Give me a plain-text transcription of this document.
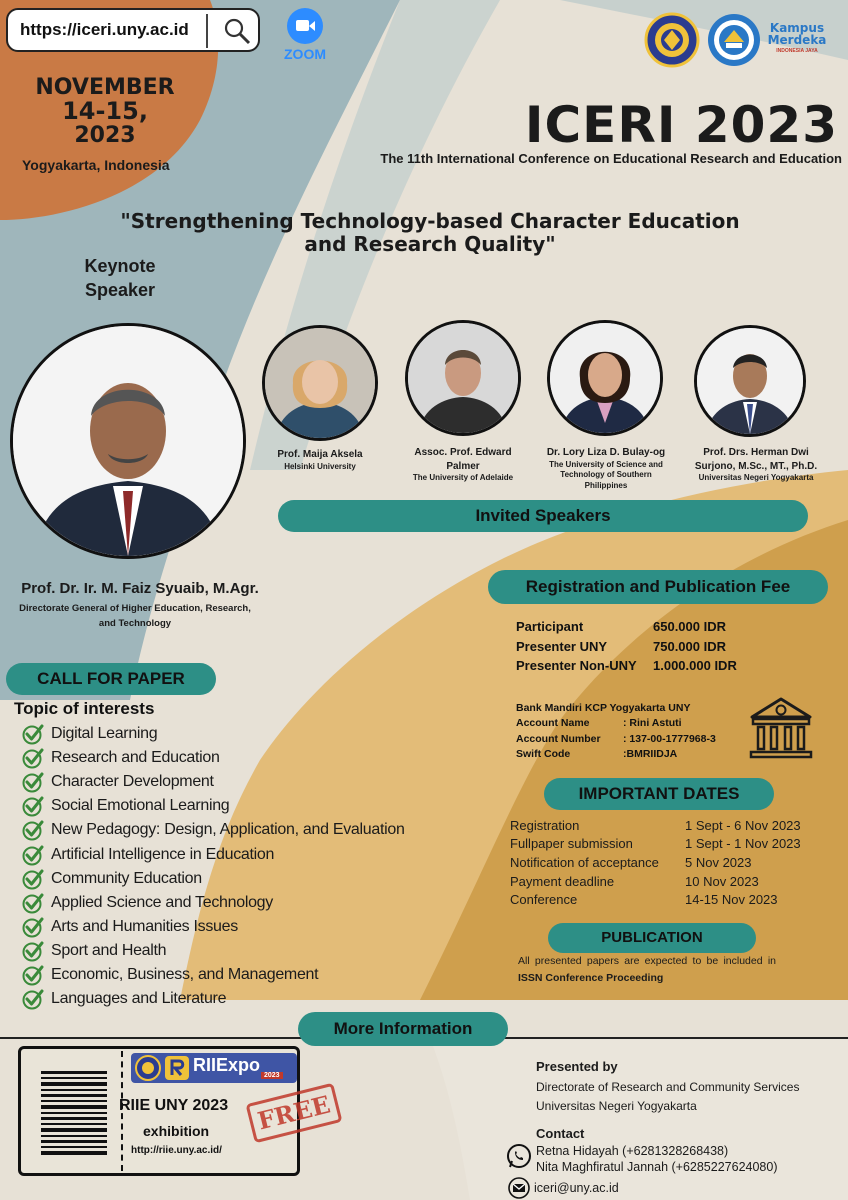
https://iceri.uny.ac.id
ZOOM
Kampus Merdeka
INDONESIA JAYA
NOVEMBER
14-15,
2023
Yogyakarta, Indonesia
ICERI 2023
The 11th International Conference on Educational Research and Education
"Strengthening Technology-based Character Education
and Research Quality"
Keynote
Speaker
Prof. Maija Aksela
Helsinki University
Assoc. Prof. Edward
Palmer
The University of Adelaide
Dr. Lory Liza D. Bulay-og
The University of Science and
Technology of Southern
Philippines
Prof. Drs. Herman Dwi
Surjono, M.Sc., MT., Ph.D.
Universitas Negeri Yogyakarta
Invited Speakers
Prof. Dr. Ir. M. Faiz Syuaib, M.Agr.
Directorate General of Higher Education, Research,
and Technology
CALL FOR PAPER
Topic of interests
Digital Learning
Research and Education
Character Development
Social Emotional Learning
New Pedagogy: Design, Application, and Evaluation
Artificial Intelligence in Education
Community Education
Applied Science and Technology
Arts and Humanities Issues
Sport and Health
Economic, Business, and Management
Languages and Literature
Registration and Publication Fee
Participant	650.000 IDR
Presenter UNY	750.000 IDR
Presenter Non-UNY	1.000.000 IDR
Bank Mandiri KCP Yogyakarta UNY
Account Name	: Rini Astuti
Account Number	: 137-00-1777968-3
Swift Code	:BMRIIDJA
IMPORTANT DATES
Registration	1 Sept - 6 Nov 2023
Fullpaper submission	1 Sept - 1 Nov 2023
Notification of acceptance	5 Nov 2023
Payment deadline	10 Nov 2023
Conference	14-15 Nov 2023
PUBLICATION
All presented papers are expected to be included in ISSN Conference Proceeding
More Information
RIIExpo
2023
RIIE UNY 2023
exhibition
http://riie.uny.ac.id/
FREE
Presented by
Directorate of Research and Community Services
Universitas Negeri Yogyakarta
Contact
Retna Hidayah (+6281328268438)
Nita Maghfiratul Jannah (+6285227624080)
iceri@uny.ac.id
